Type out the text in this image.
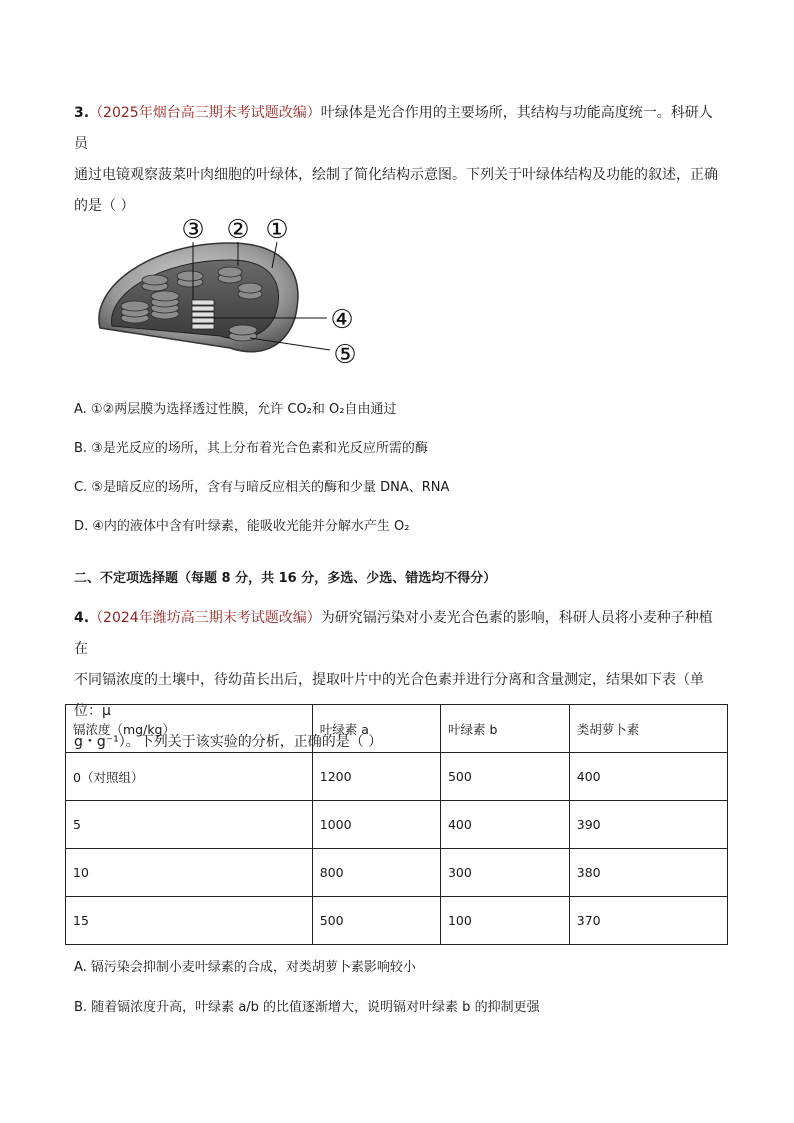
3.（2025年烟台高三期末考试题改编）叶绿体是光合作用的主要场所，其结构与功能高度统一。科研人员
通过电镜观察菠菜叶肉细胞的叶绿体，绘制了简化结构示意图。下列关于叶绿体结构及功能的叙述，正确
的是（ ）
③ ② ①
④
⑤
A. ①②两层膜为选择透过性膜，允许 CO₂和 O₂自由通过
B. ③是光反应的场所，其上分布着光合色素和光反应所需的酶
C. ⑤是暗反应的场所，含有与暗反应相关的酶和少量 DNA、RNA
D. ④内的液体中含有叶绿素，能吸收光能并分解水产生 O₂
二、不定项选择题（每题 8 分，共 16 分，多选、少选、错选均不得分）
4.（2024年潍坊高三期末考试题改编）为研究镉污染对小麦光合色素的影响，科研人员将小麦种子种植在
不同镉浓度的土壤中，待幼苗长出后，提取叶片中的光合色素并进行分离和含量测定，结果如下表（单位：μ
g・g⁻¹）。下列关于该实验的分析，正确的是（ ）
镉浓度（mg/kg）	叶绿素 a	叶绿素 b	类胡萝卜素
0（对照组）	1200	500	400
5	1000	400	390
10	800	300	380
15	500	100	370
A. 镉污染会抑制小麦叶绿素的合成，对类胡萝卜素影响较小
B. 随着镉浓度升高，叶绿素 a/b 的比值逐渐增大，说明镉对叶绿素 b 的抑制更强
